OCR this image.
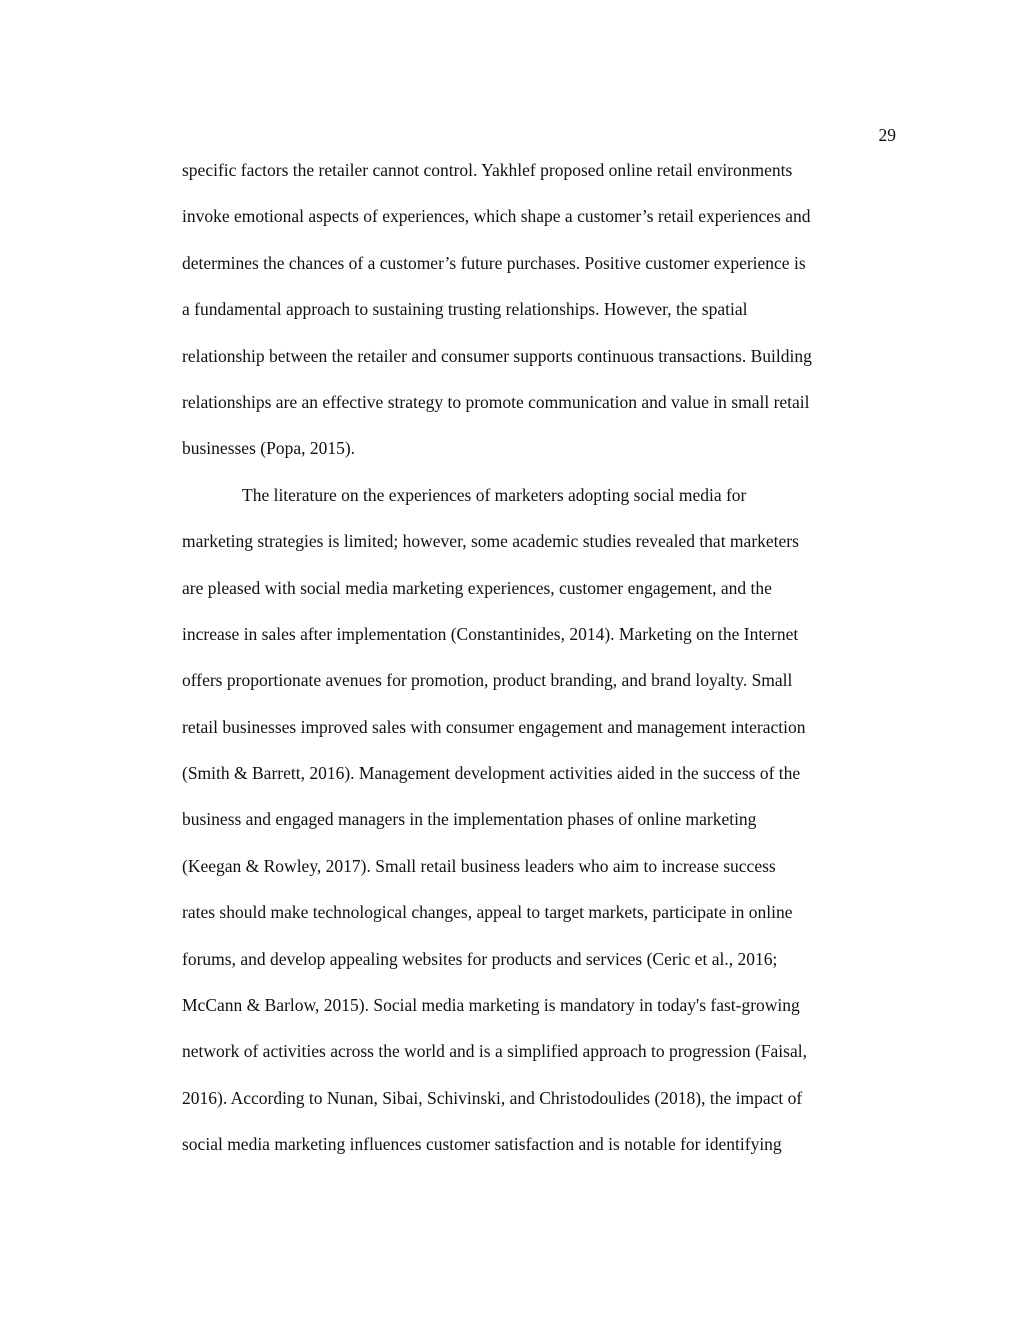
29
specific factors the retailer cannot control. Yakhlef proposed online retail environments
invoke emotional aspects of experiences, which shape a customer’s retail experiences and
determines the chances of a customer’s future purchases. Positive customer experience is
a fundamental approach to sustaining trusting relationships. However, the spatial
relationship between the retailer and consumer supports continuous transactions. Building
relationships are an effective strategy to promote communication and value in small retail
businesses (Popa, 2015).
The literature on the experiences of marketers adopting social media for
marketing strategies is limited; however, some academic studies revealed that marketers
are pleased with social media marketing experiences, customer engagement, and the
increase in sales after implementation (Constantinides, 2014). Marketing on the Internet
offers proportionate avenues for promotion, product branding, and brand loyalty. Small
retail businesses improved sales with consumer engagement and management interaction
(Smith & Barrett, 2016). Management development activities aided in the success of the
business and engaged managers in the implementation phases of online marketing
(Keegan & Rowley, 2017). Small retail business leaders who aim to increase success
rates should make technological changes, appeal to target markets, participate in online
forums, and develop appealing websites for products and services (Ceric et al., 2016;
McCann & Barlow, 2015). Social media marketing is mandatory in today's fast-growing
network of activities across the world and is a simplified approach to progression (Faisal,
2016). According to Nunan, Sibai, Schivinski, and Christodoulides (2018), the impact of
social media marketing influences customer satisfaction and is notable for identifying
